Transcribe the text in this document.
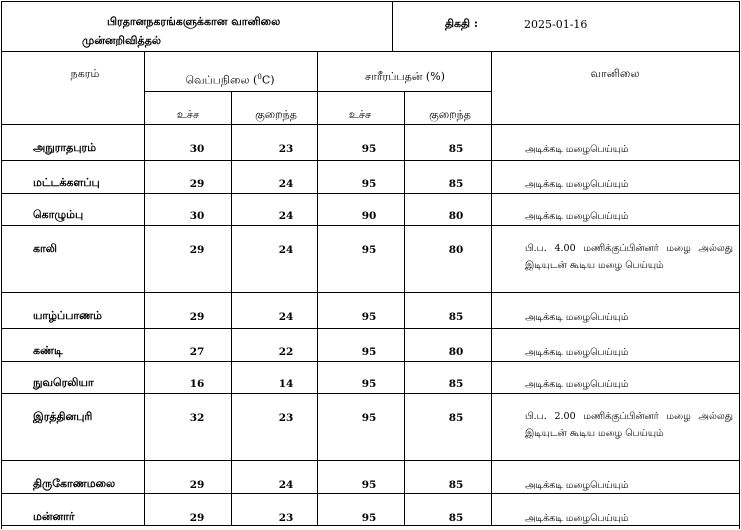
பிரதானநகரங்களுக்கான வானிலை
முன்னறிவித்தல்
திகதி :	2025-01-16
நகரம்
வெப்பநிலை ($^0$C)	சாரீரப்பதன் (%)	வானிலை
உச்ச	குறைந்த	உச்ச	குறைந்த
அநுராதபுரம்	30	23	95	85	அடிக்கடி மழைபெய்யும்
மட்டக்களப்பு	29	24	95	85	அடிக்கடி மழைபெய்யும்
கொழும்பு	30	24	90	80	அடிக்கடி மழைபெய்யும்
காலி	29	24	95	80	பி.ப. 4.00 மணிக்குப்பின்னர் மழை அல்லது இடியுடன் கூடிய மழை பெய்யும்
யாழ்ப்பாணம்	29	24	95	85	அடிக்கடி மழைபெய்யும்
கண்டி	27	22	95	80	அடிக்கடி மழைபெய்யும்
நுவரெலியா	16	14	95	85	அடிக்கடி மழைபெய்யும்
இரத்தினபுரி	32	23	95	85	பி.ப. 2.00 மணிக்குப்பின்னர் மழை அல்லது இடியுடன் கூடிய மழை பெய்யும்
திருகோணமலை	29	24	95	85	அடிக்கடி மழைபெய்யும்
மன்னார்	29	23	95	85	அடிக்கடி மழைபெய்யும்
